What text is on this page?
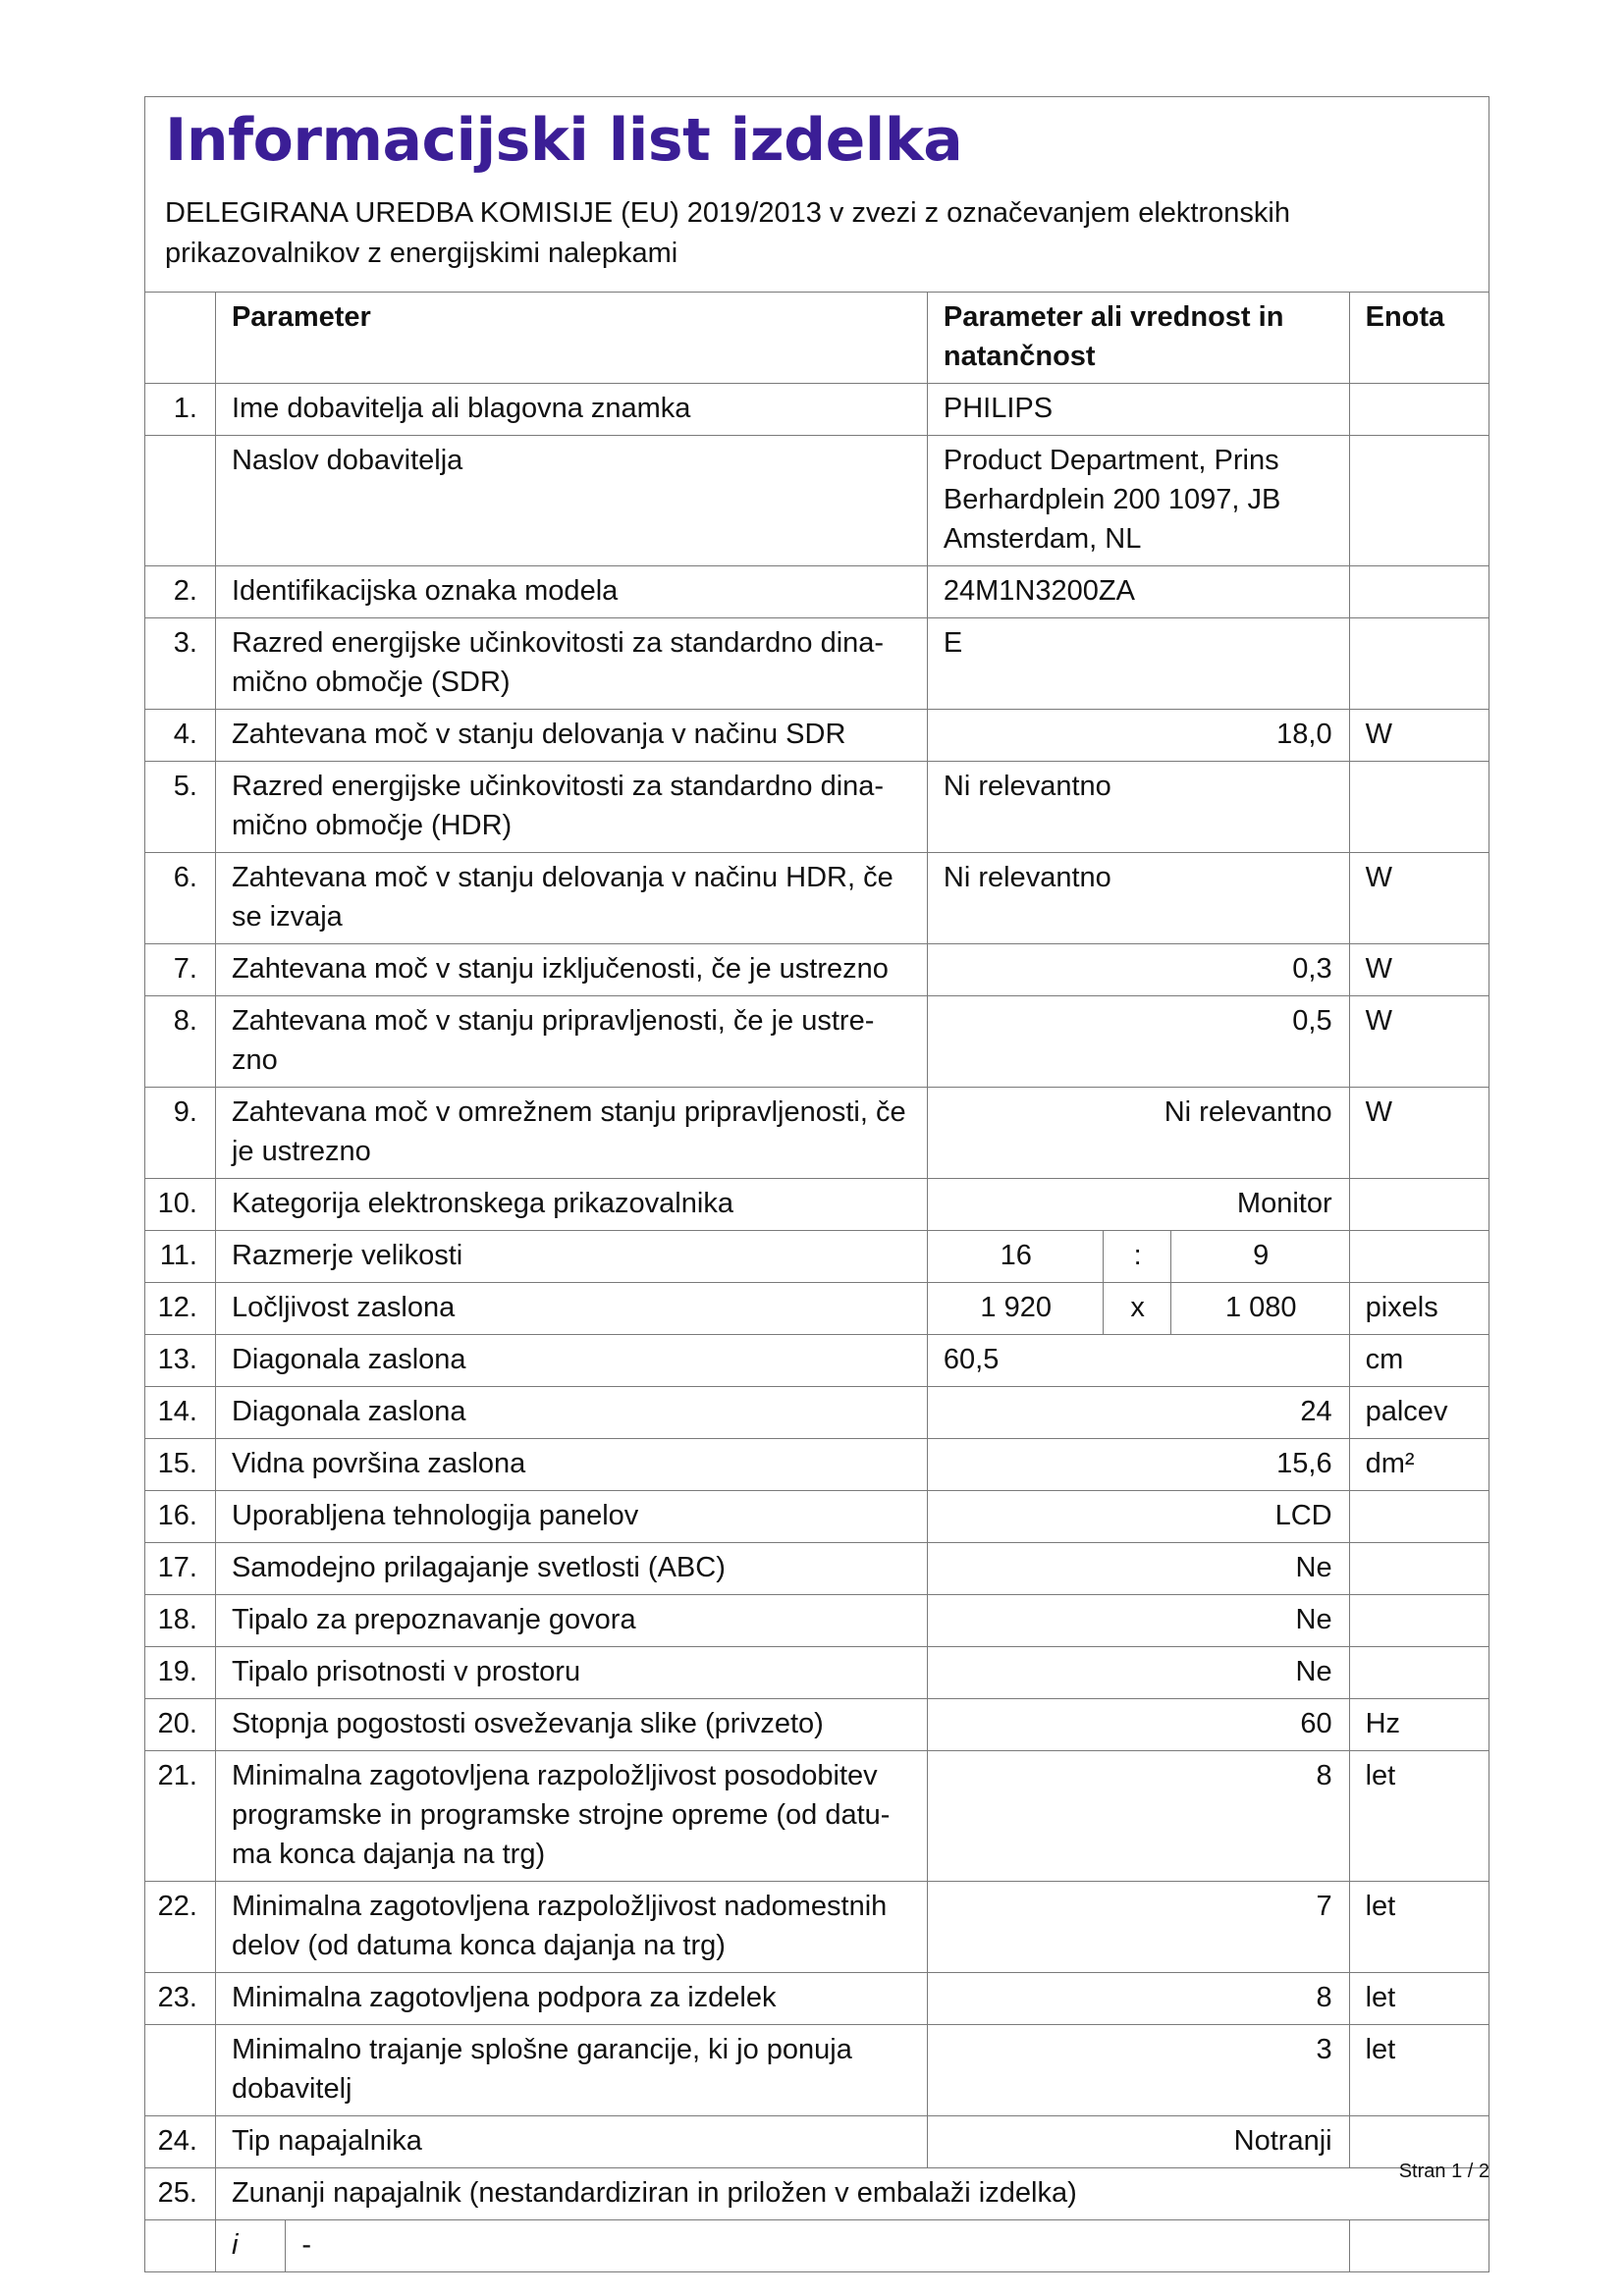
Informacijski list izdelka
DELEGIRANA UREDBA KOMISIJE (EU) 2019/2013 v zvezi z označevanjem elektronskih prikazovalnikov z energijskimi nalepkami
	Parameter		Parameter ali vrednost in natančnost			Enota
1.	Ime dobavitelja ali blagovna znamka		PHILIPS			
	Naslov dobavitelja		Product Department, Prins Berhardplein 200 1097, JB Amsterdam, NL			
2.	Identifikacijska oznaka modela		24M1N3200ZA			
3.	Razred energijske učinkovitosti za standardno dina-mično območje (SDR)		E			
4.	Zahtevana moč v stanju delovanja v načinu SDR		18,0			W
5.	Razred energijske učinkovitosti za standardno dina-mično območje (HDR)		Ni relevantno			
6.	Zahtevana moč v stanju delovanja v načinu HDR, če se izvaja		Ni relevantno			W
7.	Zahtevana moč v stanju izključenosti, če je ustrezno		0,3			W
8.	Zahtevana moč v stanju pripravljenosti, če je ustre-zno		0,5			W
9.	Zahtevana moč v omrežnem stanju pripravljenosti, če je ustrezno		Ni relevantno			W
10.	Kategorija elektronskega prikazovalnika		Monitor			
11.	Razmerje velikosti		16	:	9	
12.	Ločljivost zaslona		1 920	x	1 080	pixels
13.	Diagonala zaslona		60,5			cm
14.	Diagonala zaslona		24			palcev
15.	Vidna površina zaslona		15,6			dm²
16.	Uporabljena tehnologija panelov		LCD			
17.	Samodejno prilagajanje svetlosti (ABC)		Ne			
18.	Tipalo za prepoznavanje govora		Ne			
19.	Tipalo prisotnosti v prostoru		Ne			
20.	Stopnja pogostosti osveževanja slike (privzeto)		60			Hz
21.	Minimalna zagotovljena razpoložljivost posodobitev programske in programske strojne opreme (od datu-ma konca dajanja na trg)		8			let
22.	Minimalna zagotovljena razpoložljivost nadomestnih delov (od datuma konca dajanja na trg)		7			let
23.	Minimalna zagotovljena podpora za izdelek		8			let
	Minimalno trajanje splošne garancije, ki jo ponuja dobavitelj		3			let
24.	Tip napajalnika		Notranji			
25.	Zunanji napajalnik (nestandardiziran in priložen v embalaži izdelka)					
	i	-				
Stran 1 / 2
